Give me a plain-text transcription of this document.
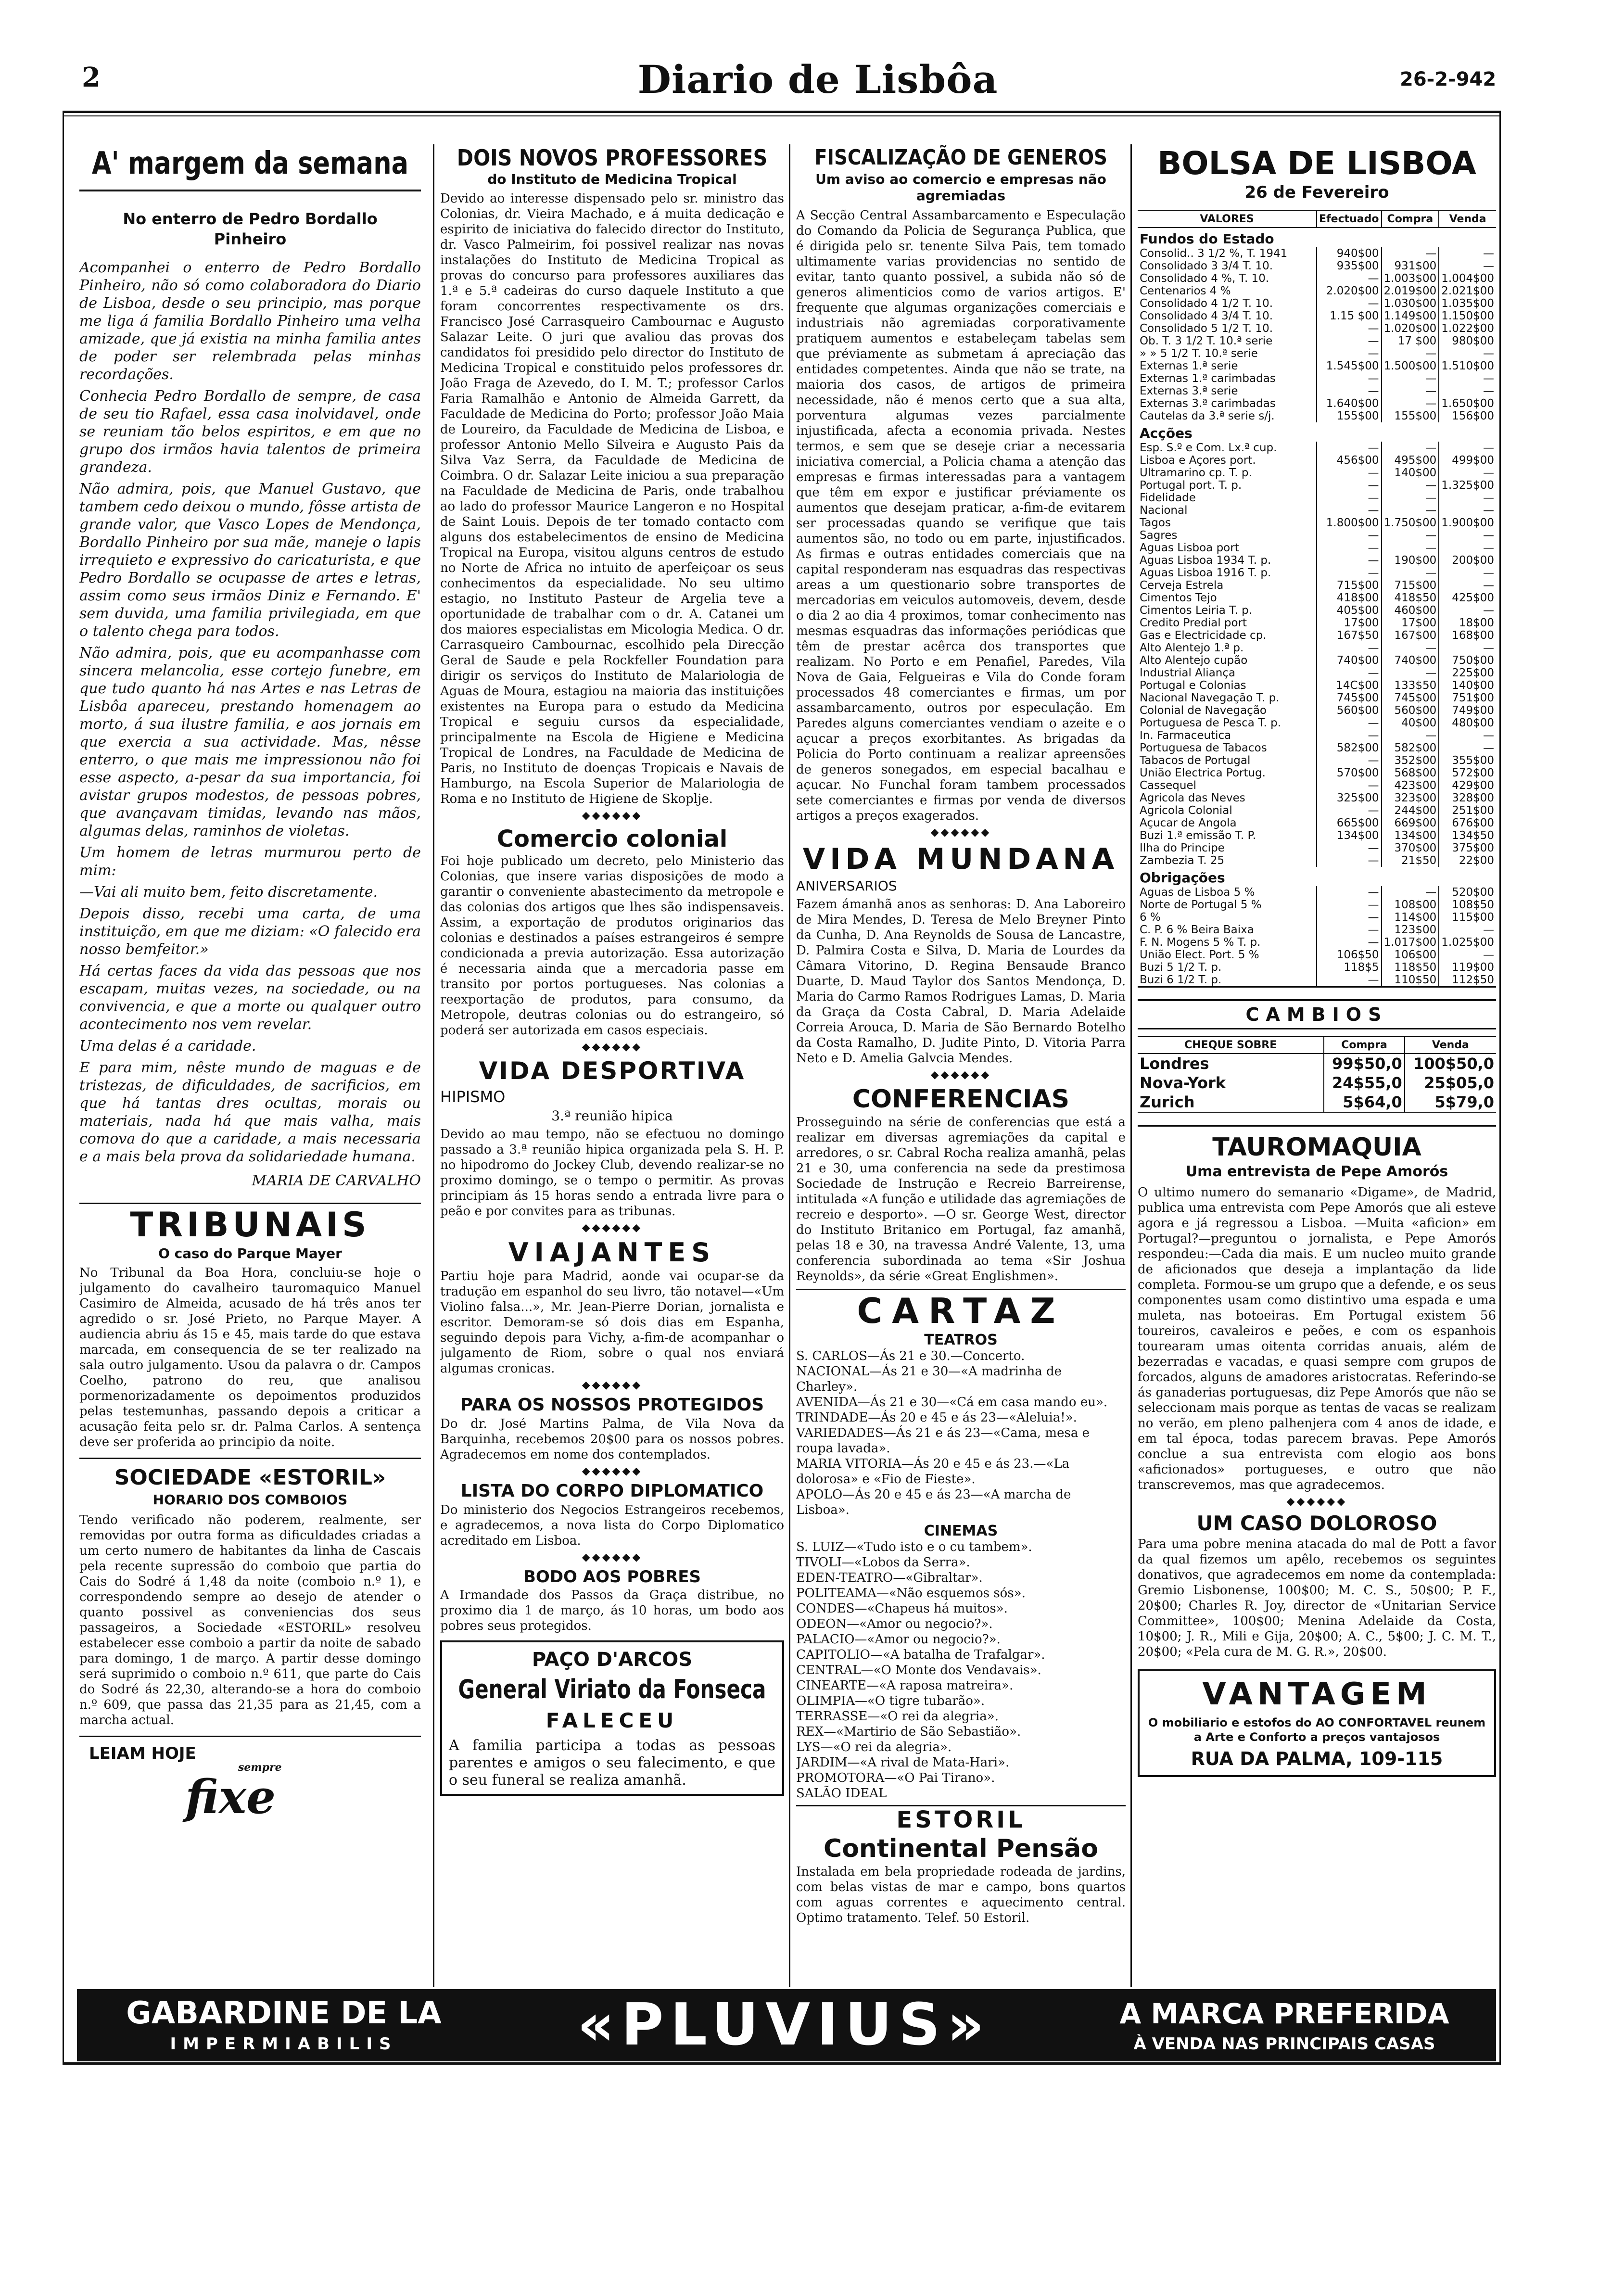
2	Diario de Lisbôa	26-2-942
A' margem da semana
No enterro de Pedro Bordallo Pinheiro

Acompanhei o enterro de Pedro Bordallo Pinheiro, não só como colaboradora do Diario de Lisboa, desde o seu principio, mas porque me liga á familia Bordallo Pinheiro uma velha amizade, que já existia na minha familia antes de poder ser relembrada pelas minhas recordações.

Conhecia Pedro Bordallo de sempre, de casa de seu tio Rafael, essa casa inolvidavel, onde se reuniam tão belos espiritos, e em que no grupo dos irmãos havia talentos de primeira grandeza.

Não admira, pois, que Manuel Gustavo, que tambem cedo deixou o mundo, fôsse artista de grande valor, que Vasco Lopes de Mendonça, Bordallo Pinheiro por sua mãe, maneje o lapis irrequieto e expressivo do caricaturista, e que Pedro Bordallo se ocupasse de artes e letras, assim como seus irmãos Diniz e Fernando. E' sem duvida, uma familia privilegiada, em que o talento chega para todos.

Não admira, pois, que eu acompanhasse com sincera melancolia, esse cortejo funebre, em que tudo quanto há nas Artes e nas Letras de Lisbôa apareceu, prestando homenagem ao morto, á sua ilustre familia, e aos jornais em que exercia a sua actividade. Mas, nêsse enterro, o que mais me impressionou não foi esse aspecto, a-pesar da sua importancia, foi avistar grupos modestos, de pessoas pobres, que avançavam timidas, levando nas mãos, algumas delas, raminhos de violetas.

Um homem de letras murmurou perto de mim:

—Vai ali muito bem, feito discretamente.

Depois disso, recebi uma carta, de uma instituição, em que me diziam: «O falecido era nosso bemfeitor.»

Há certas faces da vida das pessoas que nos escapam, muitas vezes, na sociedade, ou na convivencia, e que a morte ou qualquer outro acontecimento nos vem revelar.

Uma delas é a caridade.

E para mim, nêste mundo de maguas e de tristezas, de dificuldades, de sacrificios, em que há tantas dres ocultas, morais ou materiais, nada há que mais valha, mais comova do que a caridade, a mais necessaria e a mais bela prova da solidariedade humana.

MARIA DE CARVALHO
TRIBUNAIS
O caso do Parque Mayer
No Tribunal da Boa Hora, concluiu-se hoje o julgamento do cavalheiro tauromaquico Manuel Casimiro de Almeida, acusado de há três anos ter agredido o sr. José Prieto, no Parque Mayer. A audiencia abriu ás 15 e 45, mais tarde do que estava marcada, em consequencia de se ter realizado na sala outro julgamento. Usou da palavra o dr. Campos Coelho, patrono do reu, que analisou pormenorizadamente os depoimentos produzidos pelas testemunhas, passando depois a criticar a acusação feita pelo sr. dr. Palma Carlos. A sentença deve ser proferida ao principio da noite.
SOCIEDADE «ESTORIL»
HORARIO DOS COMBOIOS
Tendo verificado não poderem, realmente, ser removidas por outra forma as dificuldades criadas a um certo numero de habitantes da linha de Cascais pela recente supressão do comboio que partia do Cais do Sodré á 1,48 da noite (comboio n.º 1), e correspondendo sempre ao desejo de atender o quanto possivel as conveniencias dos seus passageiros, a Sociedade «ESTORIL» resolveu estabelecer esse comboio a partir da noite de sabado para domingo, 1 de março. A partir desse domingo será suprimido o comboio n.º 611, que parte do Cais do Sodré ás 22,30, alterando-se a hora do comboio n.º 609, que passa das 21,35 para as 21,45, com a marcha actual.
LEIAM HOJE
sempre
fixe
DOIS NOVOS PROFESSORES
do Instituto de Medicina Tropical
Devido ao interesse dispensado pelo sr. ministro das Colonias, dr. Vieira Machado, e á muita dedicação e espirito de iniciativa do falecido director do Instituto, dr. Vasco Palmeirim, foi possivel realizar nas novas instalações do Instituto de Medicina Tropical as provas do concurso para professores auxiliares das 1.ª e 5.ª cadeiras do curso daquele Instituto a que foram concorrentes respectivamente os drs. Francisco José Carrasqueiro Cambournac e Augusto Salazar Leite. O juri que avaliou das provas dos candidatos foi presidido pelo director do Instituto de Medicina Tropical e constituido pelos professores dr. João Fraga de Azevedo, do I. M. T.; professor Carlos Faria Ramalhão e Antonio de Almeida Garrett, da Faculdade de Medicina do Porto; professor João Maia de Loureiro, da Faculdade de Medicina de Lisboa, e professor Antonio Mello Silveira e Augusto Pais da Silva Vaz Serra, da Faculdade de Medicina de Coimbra. O dr. Salazar Leite iniciou a sua preparação na Faculdade de Medicina de Paris, onde trabalhou ao lado do professor Maurice Langeron e no Hospital de Saint Louis. Depois de ter tomado contacto com alguns dos estabelecimentos de ensino de Medicina Tropical na Europa, visitou alguns centros de estudo no Norte de Africa no intuito de aperfeiçoar os seus conhecimentos da especialidade. No seu ultimo estagio, no Instituto Pasteur de Argelia teve a oportunidade de trabalhar com o dr. A. Catanei um dos maiores especialistas em Micologia Medica. O dr. Carrasqueiro Cambournac, escolhido pela Direcção Geral de Saude e pela Rockfeller Foundation para dirigir os serviços do Instituto de Malariologia de Aguas de Moura, estagiou na maioria das instituições existentes na Europa para o estudo da Medicina Tropical e seguiu cursos da especialidade, principalmente na Escola de Higiene e Medicina Tropical de Londres, na Faculdade de Medicina de Paris, no Instituto de doenças Tropicais e Navais de Hamburgo, na Escola Superior de Malariologia de Roma e no Instituto de Higiene de Skoplje.
◆◆◆◆◆◆
Comercio colonial
Foi hoje publicado um decreto, pelo Ministerio das Colonias, que insere varias disposições de modo a garantir o conveniente abastecimento da metropole e das colonias dos artigos que lhes são indispensaveis. Assim, a exportação de produtos originarios das colonias e destinados a países estrangeiros é sempre condicionada a previa autorização. Essa autorização é necessaria ainda que a mercadoria passe em transito por portos portugueses. Nas colonias a reexportação de produtos, para consumo, da Metropole, deutras colonias ou do estrangeiro, só poderá ser autorizada em casos especiais.
◆◆◆◆◆◆
VIDA DESPORTIVA
HIPISMO
3.ª reunião hipica
Devido ao mau tempo, não se efectuou no domingo passado a 3.ª reunião hipica organizada pela S. H. P. no hipodromo do Jockey Club, devendo realizar-se no proximo domingo, se o tempo o permitir. As provas principiam ás 15 horas sendo a entrada livre para o peão e por convites para as tribunas.
◆◆◆◆◆◆
VIAJANTES
Partiu hoje para Madrid, aonde vai ocupar-se da tradução em espanhol do seu livro, tão notavel—«Um Violino falsa...», Mr. Jean-Pierre Dorian, jornalista e escritor. Demoram-se só dois dias em Espanha, seguindo depois para Vichy, a-fim-de acompanhar o julgamento de Riom, sobre o qual nos enviará algumas cronicas.
◆◆◆◆◆◆
PARA OS NOSSOS PROTEGIDOS
Do dr. José Martins Palma, de Vila Nova da Barquinha, recebemos 20$00 para os nossos pobres. Agradecemos em nome dos contemplados.
◆◆◆◆◆◆
LISTA DO CORPO DIPLOMATICO
Do ministerio dos Negocios Estrangeiros recebemos, e agradecemos, a nova lista do Corpo Diplomatico acreditado em Lisboa.
◆◆◆◆◆◆
BODO AOS POBRES
A Irmandade dos Passos da Graça distribue, no proximo dia 1 de março, ás 10 horas, um bodo aos pobres seus protegidos.
PAÇO D'ARCOS
General Viriato da Fonseca
FALECEU
A familia participa a todas as pessoas parentes e amigos o seu falecimento, e que o seu funeral se realiza amanhã.
FISCALIZAÇÃO DE GENEROS
Um aviso ao comercio e empresas não agremiadas
A Secção Central Assambarcamento e Especulação do Comando da Policia de Segurança Publica, que é dirigida pelo sr. tenente Silva Pais, tem tomado ultimamente varias providencias no sentido de evitar, tanto quanto possivel, a subida não só de generos alimenticios como de varios artigos. E' frequente que algumas organizações comerciais e industriais não agremiadas corporativamente pratiquem aumentos e estabeleçam tabelas sem que préviamente as submetam á apreciação das entidades competentes. Ainda que não se trate, na maioria dos casos, de artigos de primeira necessidade, não é menos certo que a sua alta, porventura algumas vezes parcialmente injustificada, afecta a economia privada. Nestes termos, e sem que se deseje criar a necessaria iniciativa comercial, a Policia chama a atenção das empresas e firmas interessadas para a vantagem que têm em expor e justificar préviamente os aumentos que desejam praticar, a-fim-de evitarem ser processadas quando se verifique que tais aumentos são, no todo ou em parte, injustificados. As firmas e outras entidades comerciais que na capital responderam nas esquadras das respectivas areas a um questionario sobre transportes de mercadorias em veiculos automoveis, devem, desde o dia 2 ao dia 4 proximos, tomar conhecimento nas mesmas esquadras das informações periódicas que têm de prestar acêrca dos transportes que realizam. No Porto e em Penafiel, Paredes, Vila Nova de Gaia, Felgueiras e Vila do Conde foram processados 48 comerciantes e firmas, um por assambarcamento, outros por especulação. Em Paredes alguns comerciantes vendiam o azeite e o açucar a preços exorbitantes. As brigadas da Policia do Porto continuam a realizar apreensões de generos sonegados, em especial bacalhau e açucar. No Funchal foram tambem processados sete comerciantes e firmas por venda de diversos artigos a preços exagerados.
◆◆◆◆◆◆
VIDA MUNDANA
ANIVERSARIOS
Fazem ámanhã anos as senhoras: D. Ana Laboreiro de Mira Mendes, D. Teresa de Melo Breyner Pinto da Cunha, D. Ana Reynolds de Sousa de Lancastre, D. Palmira Costa e Silva, D. Maria de Lourdes da Câmara Vitorino, D. Regina Bensaude Branco Duarte, D. Maud Taylor dos Santos Mendonça, D. Maria do Carmo Ramos Rodrigues Lamas, D. Maria da Graça da Costa Cabral, D. Maria Adelaide Correia Arouca, D. Maria de São Bernardo Botelho da Costa Ramalho, D. Judite Pinto, D. Vitoria Parra Neto e D. Amelia Galvcia Mendes.
◆◆◆◆◆◆
CONFERENCIAS
Prosseguindo na série de conferencias que está a realizar em diversas agremiações da capital e arredores, o sr. Cabral Rocha realiza amanhã, pelas 21 e 30, uma conferencia na sede da prestimosa Sociedade de Instrução e Recreio Barreirense, intitulada «A função e utilidade das agremiações de recreio e desporto». —O sr. George West, director do Instituto Britanico em Portugal, faz amanhã, pelas 18 e 30, na travessa André Valente, 13, uma conferencia subordinada ao tema «Sir Joshua Reynolds», da série «Great Englishmen».
CARTAZ
TEATROS
S. CARLOS—Ás 21 e 30.—Concerto.
NACIONAL—Ás 21 e 30—«A madrinha de Charley».
AVENIDA—Ás 21 e 30—«Cá em casa mando eu».
TRINDADE—Ás 20 e 45 e ás 23—«Aleluia!».
VARIEDADES—Ás 21 e ás 23—«Cama, mesa e roupa lavada».
MARIA VITORIA—Ás 20 e 45 e ás 23.—«La dolorosa» e «Fio de Fieste».
APOLO—Ás 20 e 45 e ás 23—«A marcha de Lisboa».
CINEMAS
S. LUIZ—«Tudo isto e o cu tambem».
TIVOLI—«Lobos da Serra».
EDEN-TEATRO—«Gibraltar».
POLITEAMA—«Não esquemos sós».
CONDES—«Chapeus há muitos».
ODEON—«Amor ou negocio?».
PALACIO—«Amor ou negocio?».
CAPITOLIO—«A batalha de Trafalgar».
CENTRAL—«O Monte dos Vendavais».
CINEARTE—«A raposa matreira».
OLIMPIA—«O tigre tubarão».
TERRASSE—«O rei da alegria».
REX—«Martirio de São Sebastião».
LYS—«O rei da alegria».
JARDIM—«A rival de Mata-Hari».
PROMOTORA—«O Pai Tirano».
SALÃO IDEAL
ESTORIL
Continental Pensão
Instalada em bela propriedade rodeada de jardins, com belas vistas de mar e campo, bons quartos com aguas correntes e aquecimento central. Optimo tratamento. Telef. 50 Estoril.
BOLSA DE LISBOA
26 de Fevereiro
VALORES	Efectuado	Compra	Venda
Fundos do Estado			
Consolid.. 3 1/2 %, T. 1941	940$00	—	—
Consolidado 3 3/4 T. 10.	935$00	931$00	—
Consolidado 4 %, T. 10.	—	1.003$00	1.004$00
Centenarios 4 %	2.020$00	2.019$00	2.021$00
Consolidado 4 1/2 T. 10.	—	1.030$00	1.035$00
Consolidado 4 3/4 T. 10.	1.15 $00	1.149$00	1.150$00
Consolidado 5 1/2 T. 10.	—	1.020$00	1.022$00
Ob. T. 3 1/2 T. 10.ª serie	—	17 $00	980$00
» » 5 1/2 T. 10.ª serie	—	—	—
Externas 1.ª serie	1.545$00	1.500$00	1.510$00
Externas 1.ª carimbadas	—	—	—
Externas 3.ª serie	—	—	—
Externas 3.ª carimbadas	1.640$00	—	1.650$00
Cautelas da 3.ª serie s/j.	155$00	155$00	156$00
Acções			
Esp. S.º e Com. Lx.ª cup.	—	—	—
Lisboa e Açores port.	456$00	495$00	499$00
Ultramarino cp. T. p.	—	140$00	—
Portugal port. T. p.	—	—	1.325$00
Fidelidade	—	—	—
Nacional	—	—	—
Tagos	1.800$00	1.750$00	1.900$00
Sagres	—	—	—
Aguas Lisboa port	—	—	—
Aguas Lisboa 1934 T. p.	—	190$00	200$00
Aguas Lisboa 1916 T. p.	—	—	—
Cerveja Estrela	715$00	715$00	—
Cimentos Tejo	418$00	418$50	425$00
Cimentos Leiria T. p.	405$00	460$00	—
Credito Predial port	17$00	17$00	18$00
Gas e Electricidade cp.	167$50	167$00	168$00
Alto Alentejo 1.ª p.	—	—	—
Alto Alentejo cupão	740$00	740$00	750$00
Industrial Aliança	—	—	225$00
Portugal e Colonias	14C$00	133$50	140$00
Nacional Navegação T. p.	745$00	745$00	751$00
Colonial de Navegação	560$00	560$00	749$00
Portuguesa de Pesca T. p.	—	40$00	480$00
In. Farmaceutica	—	—	—
Portuguesa de Tabacos	582$00	582$00	—
Tabacos de Portugal	—	352$00	355$00
União Electrica Portug.	570$00	568$00	572$00
Cassequel	—	423$00	429$00
Agricola das Neves	325$00	323$00	328$00
Agricola Colonial	—	244$00	251$00
Açucar de Angola	665$00	669$00	676$00
Buzi 1.ª emissão T. P.	134$00	134$00	134$50
Ilha do Principe	—	370$00	375$00
Zambezia T. 25	—	21$50	22$00
Obrigações			
Aguas de Lisboa 5 %	—	—	520$00
Norte de Portugal 5 %	—	108$00	108$50
6 %	—	114$00	115$00
C. P. 6 % Beira Baixa	—	123$00	—
F. N. Mogens 5 % T. p.	—	1.017$00	1.025$00
União Elect. Port. 5 %	106$50	106$00	—
Buzi 5 1/2 T. p.	118$5	118$50	119$00
Buzi 6 1/2 T. p.	—	110$50	112$50
CAMBIOS
CHEQUE SOBRE	Compra	Venda
Londres	99$50,0	100$50,0
Nova-York	24$55,0	25$05,0
Zurich	5$64,0	5$79,0
TAUROMAQUIA
Uma entrevista de Pepe Amorós
O ultimo numero do semanario «Digame», de Madrid, publica uma entrevista com Pepe Amorós que ali esteve agora e já regressou a Lisboa. —Muita «aficion» em Portugal?—preguntou o jornalista, e Pepe Amorós respondeu:—Cada dia mais. E um nucleo muito grande de aficionados que deseja a implantação da lide completa. Formou-se um grupo que a defende, e os seus componentes usam como distintivo uma espada e uma muleta, nas botoeiras. Em Portugal existem 56 toureiros, cavaleiros e peões, e com os espanhois tourearam umas oitenta corridas anuais, além de bezerradas e vacadas, e quasi sempre com grupos de forcados, alguns de amadores aristocratas. Referindo-se ás ganaderias portuguesas, diz Pepe Amorós que não se seleccionam mais porque as tentas de vacas se realizam no verão, em pleno palhenjera com 4 anos de idade, e em tal época, todas parecem bravas. Pepe Amorós conclue a sua entrevista com elogio aos bons «aficionados» portugueses, e outro que não transcrevemos, mas que agradecemos.
◆◆◆◆◆◆
UM CASO DOLOROSO
Para uma pobre menina atacada do mal de Pott a favor da qual fizemos um apêlo, recebemos os seguintes donativos, que agradecemos em nome da contemplada: Gremio Lisbonense, 100$00; M. C. S., 50$00; P. F., 20$00; Charles R. Joy, director de «Unitarian Service Committee», 100$00; Menina Adelaide da Costa, 10$00; J. R., Mili e Gija, 20$00; A. C., 5$00; J. C. M. T., 20$00; «Pela cura de M. G. R.», 20$00.
VANTAGEM
O mobiliario e estofos do AO CONFORTAVEL reunem a Arte e Conforto a preços vantajosos
RUA DA PALMA, 109-115
GABARDINE DE LA
IMPERMIABILIS	«PLUVIUS»	A MARCA PREFERIDA
À VENDA NAS PRINCIPAIS CASAS
